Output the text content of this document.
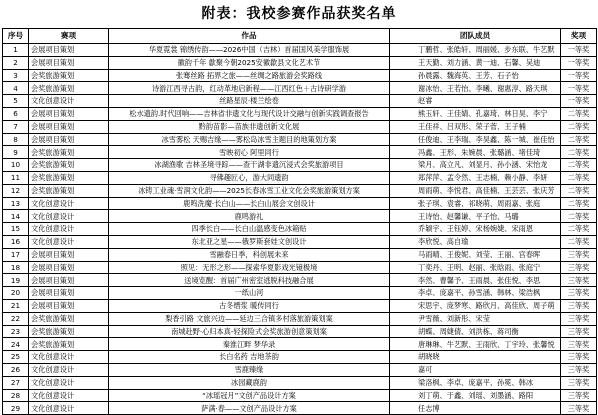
附表：我校参赛作品获奖名单
序号	赛项	作品	团队成员	奖项
1	会展项目策划	华夏霓裳 锦绣传韵——2026中国（吉林）首届国风美学服饰展	丁鹏哲、张皓轩、周丽媛、步东联、牛艺默	一等奖
2	会展项目策划	徽韵千年 歙聚今朝2025安徽歙县文化艺术节	王天勤、刘力涵、黄一迪、石馨、吴迪	一等奖
3	会奖旅游策划	张骞丝路 拓界之旅——丝绸之路旅游会奖路线	孙晨露、魏海英、王芳、石子怡	一等奖
4	会奖旅游策划	诗游江西寻古韵，红动革地启新程——江西红色＋古诗研学游	谢冰怡、王若怡、李曦、谢惠淳、路天琪	一等奖
5	文化创意设计	丝路星辰·楼兰绘卷	赵睿	一等奖
6	会展项目策划	松水遗韵.时代回响——吉林省非遗文化与现代设计交融与创新实践调查报告	熊玉轩、王佳婧、孔嘉琦、林日昊、李宁	二等奖
7	会展项目策划	黔韵苗影—苗族非遗创新文化展	王佳祥、吕双彤、荣子菅、王子楠	二等奖
8	会展项目策划	冰雪雾松 天赐吉缘——雾松岛冰雪主题目的地策划方案	任俊迪、王李瑞、李昊鑫、陈一城、崔佳怡	二等奖
9	会奖旅游策划	雪映初心 阿里同行	冯鑫、王形、朱婉晨、张璐涵、堵佳琦	二等奖
10	会奖旅游策划	冰湖渔歌 吉林圣境寻踪——查干湖非遗沉浸式会奖旅游项目	梁月、高立凡、刘显月、孙小涵、宋怡龙	二等奖
11	会奖旅游策划	寻佛趣匠心，游大同遗韵	郑萍萍、孟令然、王志楠、赖小静、李妍	二等奖
12	会奖旅游策划	冰铸工业魂·雪润文化韵——2025长春冰雪工业文化会奖旅游策划方案	周雨萌、李悦君、高佳楠、王芸芸、张庆芳	二等奖
13	文化创意设计	鹿鸣洗魔·长白山——长白山展会文创设计	张子琪、袁睿、祁晓萌、周雨嘉、张庭	二等奖
14	文化创意设计	鹿鸣游礼	王诗怡、赵馨谦、平子怡、马璐	二等奖
15	文化创意设计	四季长白——长白山温感变色冰箱贴	乔颖宇、王钰婷、宋杨婉婕、宋雨恩	二等奖
16	文化创意设计	东北亚之星——俄罗斯套娃文创设计	李欣悦、高自瑜	二等奖
17	会展项目策划	雪融春日季，科创展未来	马雨晴、王俊妮、刘莹、王丽、宫春晖	三等奖
18	会展项目策划	照见：无形之形——探索华夏影戏光镜极境	丁奕丹、王明、赵丽、张晗雨、张庭宁	三等奖
19	会展项目策划	送境览醒：首届广州密室逃脱科技融合展	李然、曹馨予、王雨晨、张佳悦、李思	三等奖
20	会展项目策划	一纸山河	李卓、庞嘉平、孙雪涵、韩林、梁浩枫	三等奖
21	会展项目策划	古冬缙浆 暖传同行	宋思宇、庞梦寒、路欣月、高佳欣、周子萌	三等奖
22	会奖旅游策划	梨香引路 文旅兴边——延边三合镇多村落旅游策划案	尹雪薇、刘新彤、宋莹	三等奖
23	会奖旅游策划	南城赴野·心归本真-轻探险式会奖旅游创意策划案	胡蝶、周婕倩、刘洪栋、蒋司衡	三等奖
24	会奖旅游策划	秦淮江畔 梦华录	唐琳琳、牛艺默、王雨欣、丁宇玲、张馨悦	三等奖
25	文化创意设计	长白名药 吉地茶韵	胡晓晓	三等奖
26	文化创意设计	雪鹿臻缘	嘉可	三等奖
27	文化创意设计	冰园藏鹿韵	梁洛枫、李卓、庞嘉平、孙冕、韩冰	三等奖
28	文化创意设计	“冰瑶冠月”文创产品设计方案	刘丁萌、于鑫、刘瑶、刘墨涵、路阳	三等奖
29	文化创意设计	萨满·春——文创产品设计方案	任志博	三等奖
